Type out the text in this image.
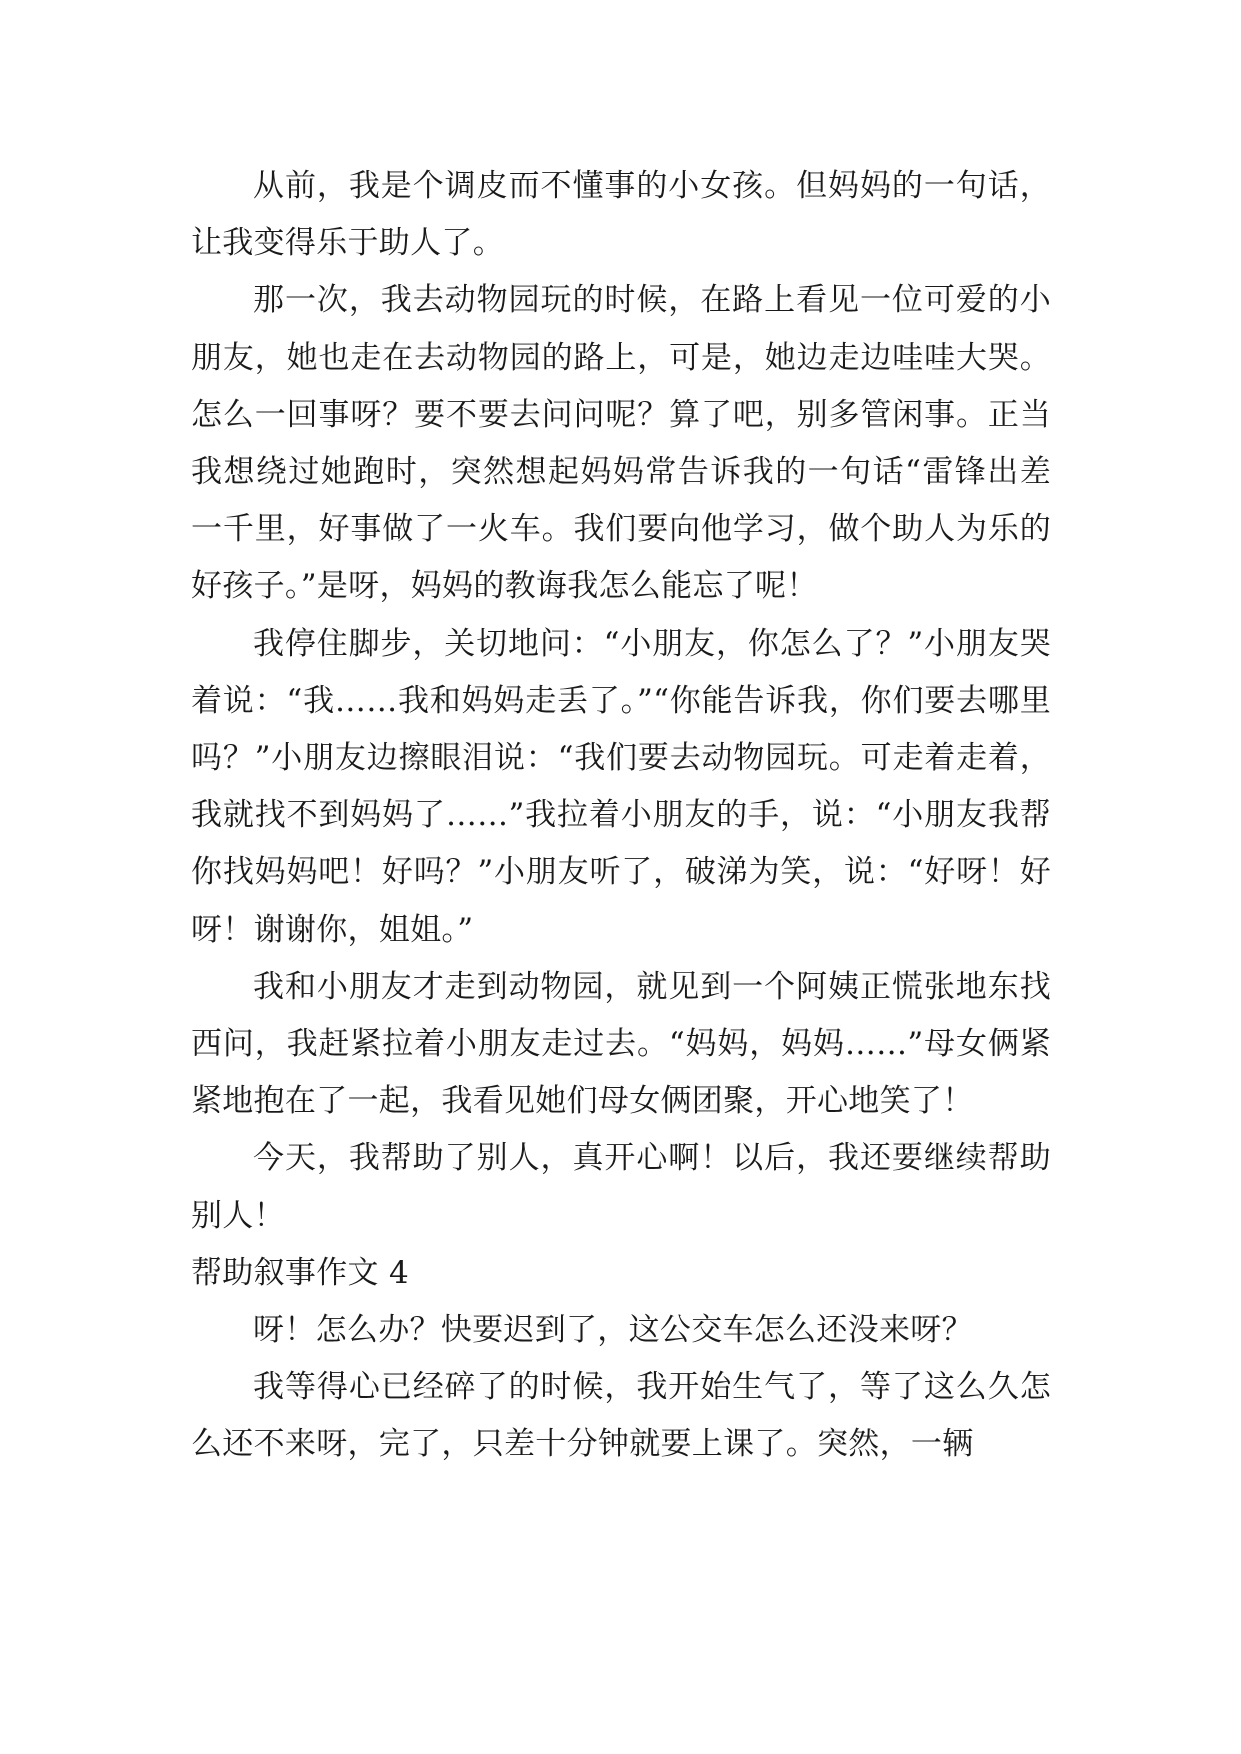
从前，我是个调皮而不懂事的小女孩。但妈妈的一句话，让我变得乐于助人了。

那一次，我去动物园玩的时候，在路上看见一位可爱的小朋友，她也走在去动物园的路上，可是，她边走边哇哇大哭。怎么一回事呀？要不要去问问呢？算了吧，别多管闲事。正当我想绕过她跑时，突然想起妈妈常告诉我的一句话“雷锋出差一千里，好事做了一火车。我们要向他学习，做个助人为乐的好孩子。”是呀，妈妈的教诲我怎么能忘了呢！

我停住脚步，关切地问：“小朋友，你怎么了？”小朋友哭着说：“我……我和妈妈走丢了。”“你能告诉我，你们要去哪里吗？”小朋友边擦眼泪说：“我们要去动物园玩。可走着走着，我就找不到妈妈了……”我拉着小朋友的手，说：“小朋友我帮你找妈妈吧！好吗？”小朋友听了，破涕为笑，说：“好呀！好呀！谢谢你，姐姐。”

我和小朋友才走到动物园，就见到一个阿姨正慌张地东找西问，我赶紧拉着小朋友走过去。“妈妈，妈妈……”母女俩紧紧地抱在了一起，我看见她们母女俩团聚，开心地笑了！

今天，我帮助了别人，真开心啊！以后，我还要继续帮助别人！

帮助叙事作文 4

呀！怎么办？快要迟到了，这公交车怎么还没来呀？

我等得心已经碎了的时候，我开始生气了，等了这么久怎么还不来呀，完了，只差十分钟就要上课了。突然，一辆
